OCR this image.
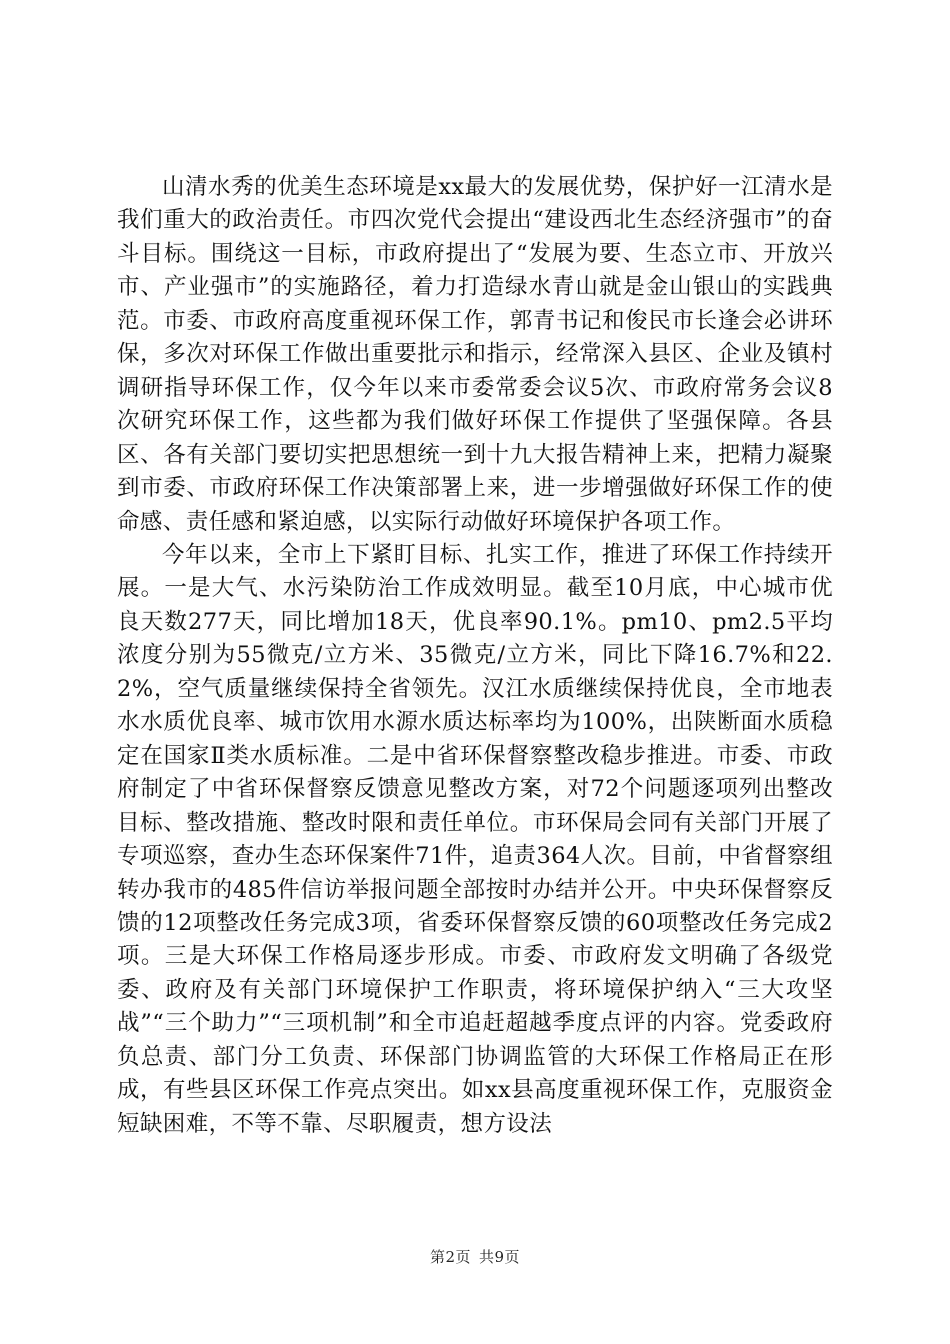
山清水秀的优美生态环境是xx最大的发展优势，保护好一江清水是我们重大的政治责任。市四次党代会提出“建设西北生态经济强市”的奋斗目标。围绕这一目标，市政府提出了“发展为要、生态立市、开放兴市、产业强市”的实施路径，着力打造绿水青山就是金山银山的实践典范。市委、市政府高度重视环保工作，郭青书记和俊民市长逢会必讲环保，多次对环保工作做出重要批示和指示，经常深入县区、企业及镇村调研指导环保工作，仅今年以来市委常委会议5次、市政府常务会议8次研究环保工作，这些都为我们做好环保工作提供了坚强保障。各县区、各有关部门要切实把思想统一到十九大报告精神上来，把精力凝聚到市委、市政府环保工作决策部署上来，进一步增强做好环保工作的使命感、责任感和紧迫感，以实际行动做好环境保护各项工作。

今年以来，全市上下紧盯目标、扎实工作，推进了环保工作持续开展。一是大气、水污染防治工作成效明显。截至10月底，中心城市优良天数277天，同比增加18天，优良率90.1%。pm10、pm2.5平均浓度分别为55微克/立方米、35微克/立方米，同比下降16.7%和22.2%，空气质量继续保持全省领先。汉江水质继续保持优良，全市地表水水质优良率、城市饮用水源水质达标率均为100%，出陕断面水质稳定在国家Ⅱ类水质标准。二是中省环保督察整改稳步推进。市委、市政府制定了中省环保督察反馈意见整改方案，对72个问题逐项列出整改目标、整改措施、整改时限和责任单位。市环保局会同有关部门开展了专项巡察，查办生态环保案件71件，追责364人次。目前，中省督察组转办我市的485件信访举报问题全部按时办结并公开。中央环保督察反馈的12项整改任务完成3项，省委环保督察反馈的60项整改任务完成2项。三是大环保工作格局逐步形成。市委、市政府发文明确了各级党委、政府及有关部门环境保护工作职责，将环境保护纳入“三大攻坚战”“三个助力”“三项机制”和全市追赶超越季度点评的内容。党委政府负总责、部门分工负责、环保部门协调监管的大环保工作格局正在形成，有些县区环保工作亮点突出。如xx县高度重视环保工作，克服资金短缺困难，不等不靠、尽职履责，想方设法

第2页 共9页
